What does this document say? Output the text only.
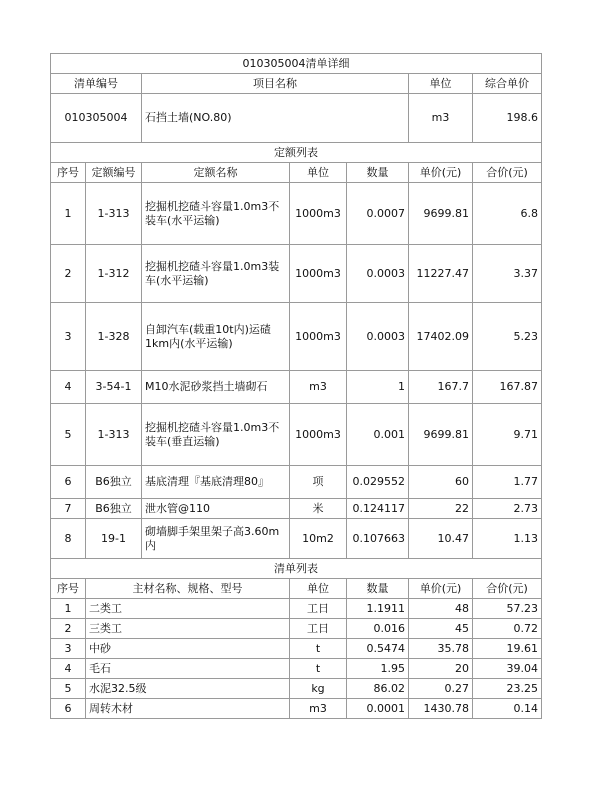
010305004清单详细						
清单编号		项目名称			单位	综合单价
010305004		石挡土墙(NO.80)			m3	198.6
定额列表						
序号	定额编号	定额名称	单位	数量	单价(元)	合价(元)
1	1-313	挖掘机挖碴斗容量1.0m3不装车(水平运输)	1000m3	0.0007	9699.81	6.8
2	1-312	挖掘机挖碴斗容量1.0m3装车(水平运输)	1000m3	0.0003	11227.47	3.37
3	1-328	自卸汽车(载重10t内)运碴1km内(水平运输)	1000m3	0.0003	17402.09	5.23
4	3-54-1	M10水泥砂浆挡土墙砌石	m3	1	167.7	167.87
5	1-313	挖掘机挖碴斗容量1.0m3不装车(垂直运输)	1000m3	0.001	9699.81	9.71
6	B6独立	基底清理『基底清理80』	项	0.029552	60	1.77
7	B6独立	泄水管@110	米	0.124117	22	2.73
8	19-1	砌墙脚手架里架子高3.60m内	10m2	0.107663	10.47	1.13
清单列表						
序号	主材名称、规格、型号		单位	数量	单价(元)	合价(元)
1	二类工		工日	1.1911	48	57.23
2	三类工		工日	0.016	45	0.72
3	中砂		t	0.5474	35.78	19.61
4	毛石		t	1.95	20	39.04
5	水泥32.5级		kg	86.02	0.27	23.25
6	周转木材		m3	0.0001	1430.78	0.14
